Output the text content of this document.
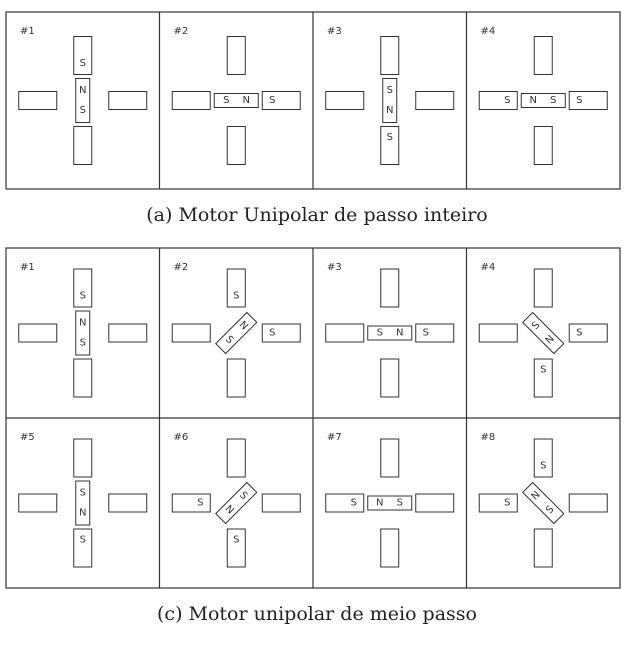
#1
S
N
S
#2
S
N
S
#3
S
S
N
#4
S	S
S
N
#1
S
N
S
#2
S
S
N
S
#3
S
N
S
#4
S
S
S
N
#5
S
S
N
#6
S
S
S
N
#7
S	S
N
#8
S
S
N
S
(a) Motor Unipolar de passo inteiro
(c) Motor unipolar de meio passo
